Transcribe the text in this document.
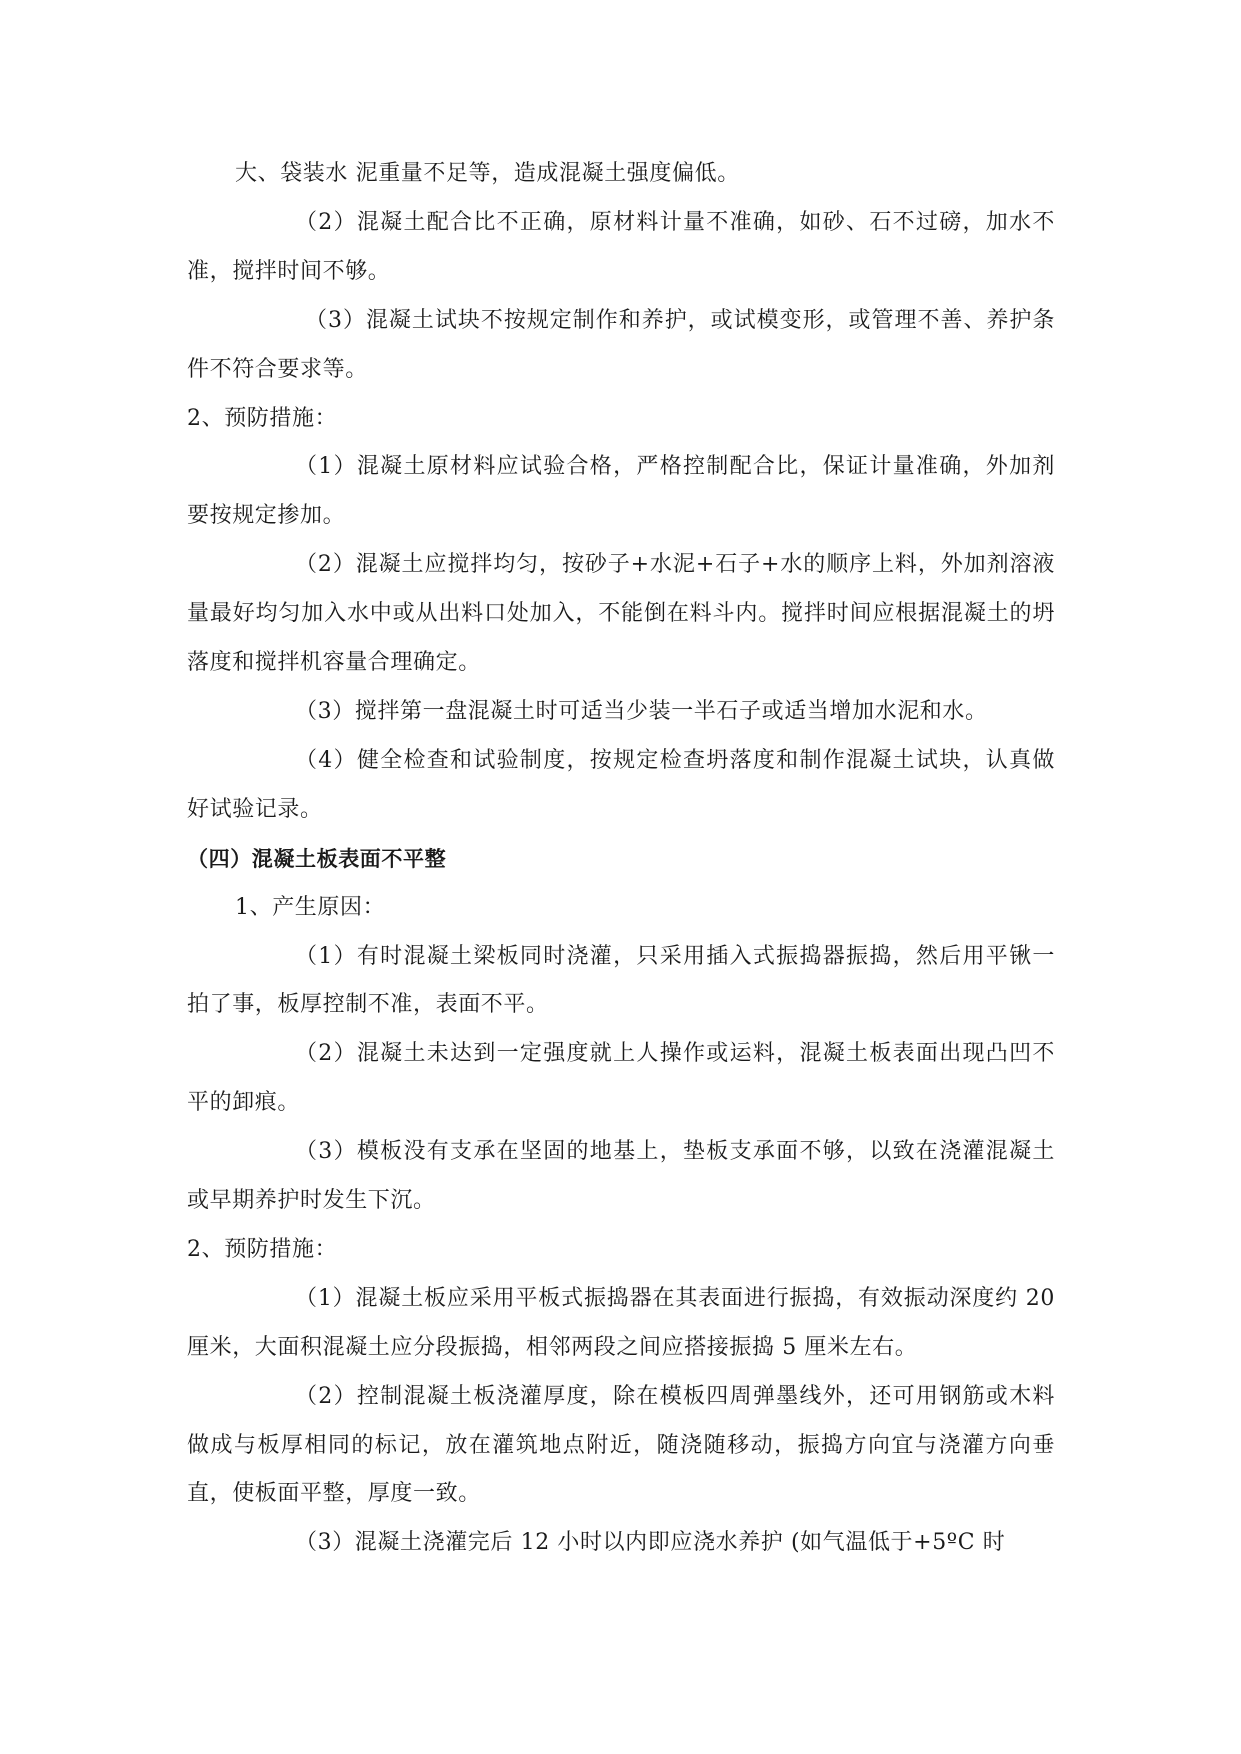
大、袋装水 泥重量不足等，造成混凝土强度偏低。

（2）混凝土配合比不正确，原材料计量不准确，如砂、石不过磅，加水不准，搅拌时间不够。

（3）混凝土试块不按规定制作和养护，或试模变形，或管理不善、养护条件不符合要求等。

2、预防措施：

（1）混凝土原材料应试验合格，严格控制配合比，保证计量准确，外加剂要按规定掺加。

（2）混凝土应搅拌均匀，按砂子+水泥+石子+水的顺序上料，外加剂溶液量最好均匀加入水中或从出料口处加入，不能倒在料斗内。搅拌时间应根据混凝土的坍落度和搅拌机容量合理确定。

（3）搅拌第一盘混凝土时可适当少装一半石子或适当增加水泥和水。

（4）健全检查和试验制度，按规定检查坍落度和制作混凝土试块，认真做好试验记录。

（四）混凝土板表面不平整

1、产生原因：

（1）有时混凝土梁板同时浇灌，只采用插入式振捣器振捣，然后用平锹一拍了事，板厚控制不准，表面不平。

（2）混凝土未达到一定强度就上人操作或运料，混凝土板表面出现凸凹不平的卸痕。

（3）模板没有支承在坚固的地基上，垫板支承面不够，以致在浇灌混凝土或早期养护时发生下沉。

2、预防措施：

（1）混凝土板应采用平板式振捣器在其表面进行振捣，有效振动深度约 20 厘米，大面积混凝土应分段振捣，相邻两段之间应搭接振捣 5 厘米左右。

（2）控制混凝土板浇灌厚度，除在模板四周弹墨线外，还可用钢筋或木料做成与板厚相同的标记，放在灌筑地点附近，随浇随移动，振捣方向宜与浇灌方向垂直，使板面平整，厚度一致。

（3）混凝土浇灌完后 12 小时以内即应浇水养护 (如气温低于+5ºC 时
